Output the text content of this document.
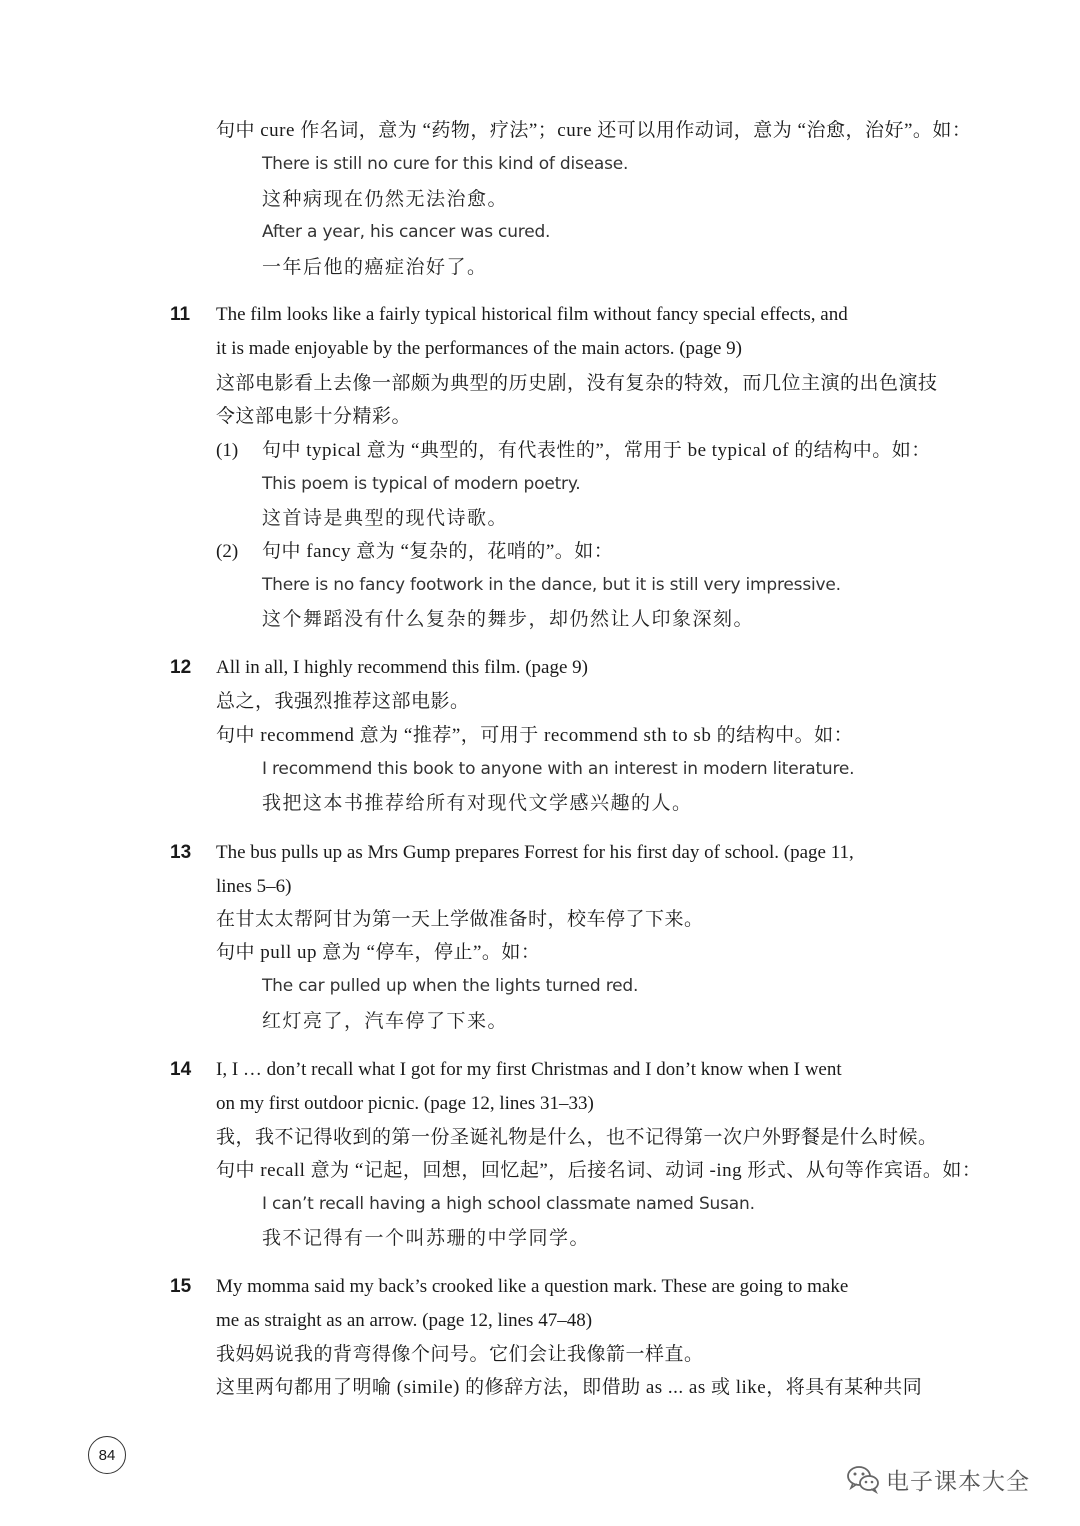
句中 cure 作名词，意为 “药物，疗法”；cure 还可以用作动词，意为 “治愈，治好”。如：
There is still no cure for this kind of disease.
这种病现在仍然无法治愈。
After a year, his cancer was cured.
一年后他的癌症治好了。
11 The film looks like a fairly typical historical film without fancy special effects, and
it is made enjoyable by the performances of the main actors. (page 9)
这部电影看上去像一部颇为典型的历史剧，没有复杂的特效，而几位主演的出色演技
令这部电影十分精彩。
(1) 句中 typical 意为 “典型的，有代表性的”，常用于 be typical of 的结构中。如：
This poem is typical of modern poetry.
这首诗是典型的现代诗歌。
(2) 句中 fancy 意为 “复杂的，花哨的”。如：
There is no fancy footwork in the dance, but it is still very impressive.
这个舞蹈没有什么复杂的舞步，却仍然让人印象深刻。
12 All in all, I highly recommend this film. (page 9)
总之，我强烈推荐这部电影。
句中 recommend 意为 “推荐”，可用于 recommend sth to sb 的结构中。如：
I recommend this book to anyone with an interest in modern literature.
我把这本书推荐给所有对现代文学感兴趣的人。
13 The bus pulls up as Mrs Gump prepares Forrest for his first day of school. (page 11,
lines 5–6)
在甘太太帮阿甘为第一天上学做准备时，校车停了下来。
句中 pull up 意为 “停车，停止”。如：
The car pulled up when the lights turned red.
红灯亮了，汽车停了下来。
14 I, I … don’t recall what I got for my first Christmas and I don’t know when I went
on my first outdoor picnic. (page 12, lines 31–33)
我，我不记得收到的第一份圣诞礼物是什么，也不记得第一次户外野餐是什么时候。
句中 recall 意为 “记起，回想，回忆起”，后接名词、动词 -ing 形式、从句等作宾语。如：
I can’t recall having a high school classmate named Susan.
我不记得有一个叫苏珊的中学同学。
15 My momma said my back’s crooked like a question mark. These are going to make
me as straight as an arrow. (page 12, lines 47–48)
我妈妈说我的背弯得像个问号。它们会让我像箭一样直。
这里两句都用了明喻 (simile) 的修辞方法，即借助 as ... as 或 like，将具有某种共同
84
电子课本大全
